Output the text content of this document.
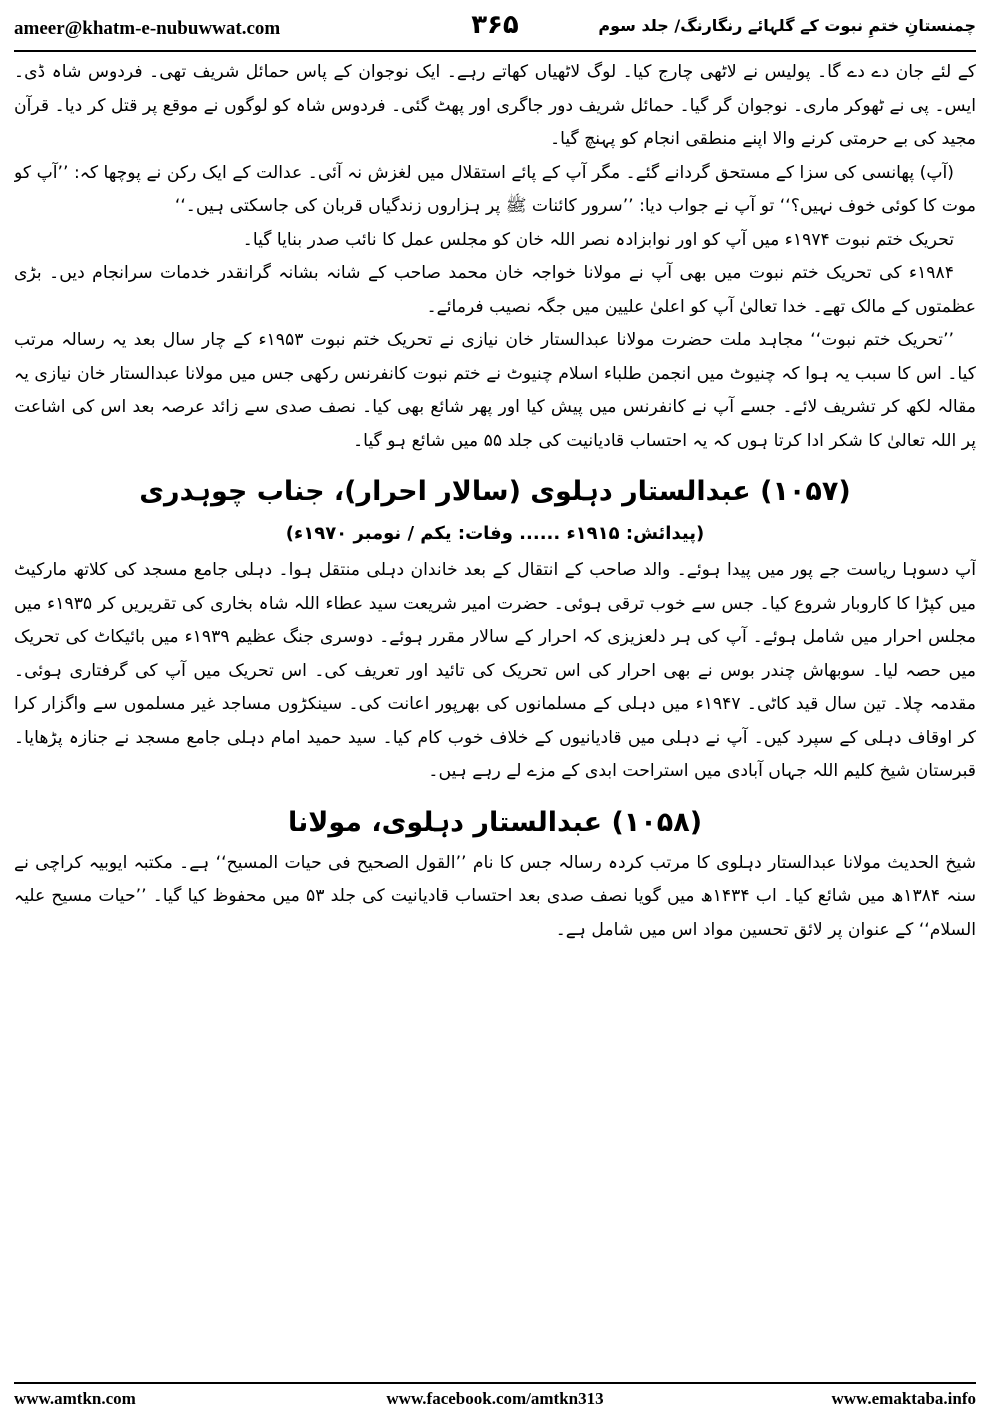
ameer@khatm-e-nubuwwat.com	۳۶۵	چمنستانِ ختمِ نبوت کے گلہائے رنگارنگ/ جلد سوم

کے لئے جان دے دے گا۔ پولیس نے لاٹھی چارج کیا۔ لوگ لاٹھیاں کھاتے رہے۔ ایک نوجوان کے پاس حمائل شریف تھی۔ فردوس شاہ ڈی۔ ایس۔ پی نے ٹھوکر ماری۔ نوجوان گر گیا۔ حمائل شریف دور جاگری اور پھٹ گئی۔ فردوس شاہ کو لوگوں نے موقع پر قتل کر دیا۔ قرآن مجید کی بے حرمتی کرنے والا اپنے منطقی انجام کو پہنچ گیا۔

(آپ) پھانسی کی سزا کے مستحق گردانے گئے۔ مگر آپ کے پائے استقلال میں لغزش نہ آئی۔ عدالت کے ایک رکن نے پوچھا کہ: ’’آپ کو موت کا کوئی خوف نہیں؟‘‘ تو آپ نے جواب دیا: ’’سرور کائنات ﷺ پر ہزاروں زندگیاں قربان کی جاسکتی ہیں۔‘‘

تحریک ختم نبوت ۱۹۷۴ء میں آپ کو اور نوابزادہ نصر اللہ خان کو مجلس عمل کا نائب صدر بنایا گیا۔

۱۹۸۴ء کی تحریک ختم نبوت میں بھی آپ نے مولانا خواجہ خان محمد صاحب کے شانہ بشانہ گرانقدر خدمات سرانجام دیں۔ بڑی عظمتوں کے مالک تھے۔ خدا تعالیٰ آپ کو اعلیٰ علیین میں جگہ نصیب فرمائے۔

’’تحریک ختم نبوت‘‘ مجاہد ملت حضرت مولانا عبدالستار خان نیازی نے تحریک ختم نبوت ۱۹۵۳ء کے چار سال بعد یہ رسالہ مرتب کیا۔ اس کا سبب یہ ہوا کہ چنیوٹ میں انجمن طلباء اسلام چنیوٹ نے ختم نبوت کانفرنس رکھی جس میں مولانا عبدالستار خان نیازی یہ مقالہ لکھ کر تشریف لائے۔ جسے آپ نے کانفرنس میں پیش کیا اور پھر شائع بھی کیا۔ نصف صدی سے زائد عرصہ بعد اس کی اشاعت پر اللہ تعالیٰ کا شکر ادا کرتا ہوں کہ یہ احتساب قادیانیت کی جلد ۵۵ میں شائع ہو گیا۔

(۱۰۵۷) عبدالستار دہلوی (سالار احرار)، جناب چوہدری
(پیدائش: ۱۹۱۵ء ...... وفات: یکم / نومبر ۱۹۷۰ء)

آپ دسوہا ریاست جے پور میں پیدا ہوئے۔ والد صاحب کے انتقال کے بعد خاندان دہلی منتقل ہوا۔ دہلی جامع مسجد کی کلاتھ مارکیٹ میں کپڑا کا کاروبار شروع کیا۔ جس سے خوب ترقی ہوئی۔ حضرت امیر شریعت سید عطاء اللہ شاہ بخاری کی تقریریں کر ۱۹۳۵ء میں مجلس احرار میں شامل ہوئے۔ آپ کی ہر دلعزیزی کہ احرار کے سالار مقرر ہوئے۔ دوسری جنگ عظیم ۱۹۳۹ء میں بائیکاٹ کی تحریک میں حصہ لیا۔ سوبھاش چندر بوس نے بھی احرار کی اس تحریک کی تائید اور تعریف کی۔ اس تحریک میں آپ کی گرفتاری ہوئی۔ مقدمہ چلا۔ تین سال قید کاٹی۔ ۱۹۴۷ء میں دہلی کے مسلمانوں کی بھرپور اعانت کی۔ سینکڑوں مساجد غیر مسلموں سے واگزار کرا کر اوقاف دہلی کے سپرد کیں۔ آپ نے دہلی میں قادیانیوں کے خلاف خوب کام کیا۔ سید حمید امام دہلی جامع مسجد نے جنازہ پڑھایا۔ قبرستان شیخ کلیم اللہ جہاں آبادی میں استراحت ابدی کے مزے لے رہے ہیں۔

(۱۰۵۸) عبدالستار دہلوی، مولانا

شیخ الحدیث مولانا عبدالستار دہلوی کا مرتب کردہ رسالہ جس کا نام ’’القول الصحیح فی حیات المسیح‘‘ ہے۔ مکتبہ ایوبیہ کراچی نے سنہ ۱۳۸۴ھ میں شائع کیا۔ اب ۱۴۳۴ھ میں گویا نصف صدی بعد احتساب قادیانیت کی جلد ۵۳ میں محفوظ کیا گیا۔ ’’حیات مسیح علیہ السلام‘‘ کے عنوان پر لائق تحسین مواد اس میں شامل ہے۔

www.amtkn.com	www.facebook.com/amtkn313	www.emaktaba.info
